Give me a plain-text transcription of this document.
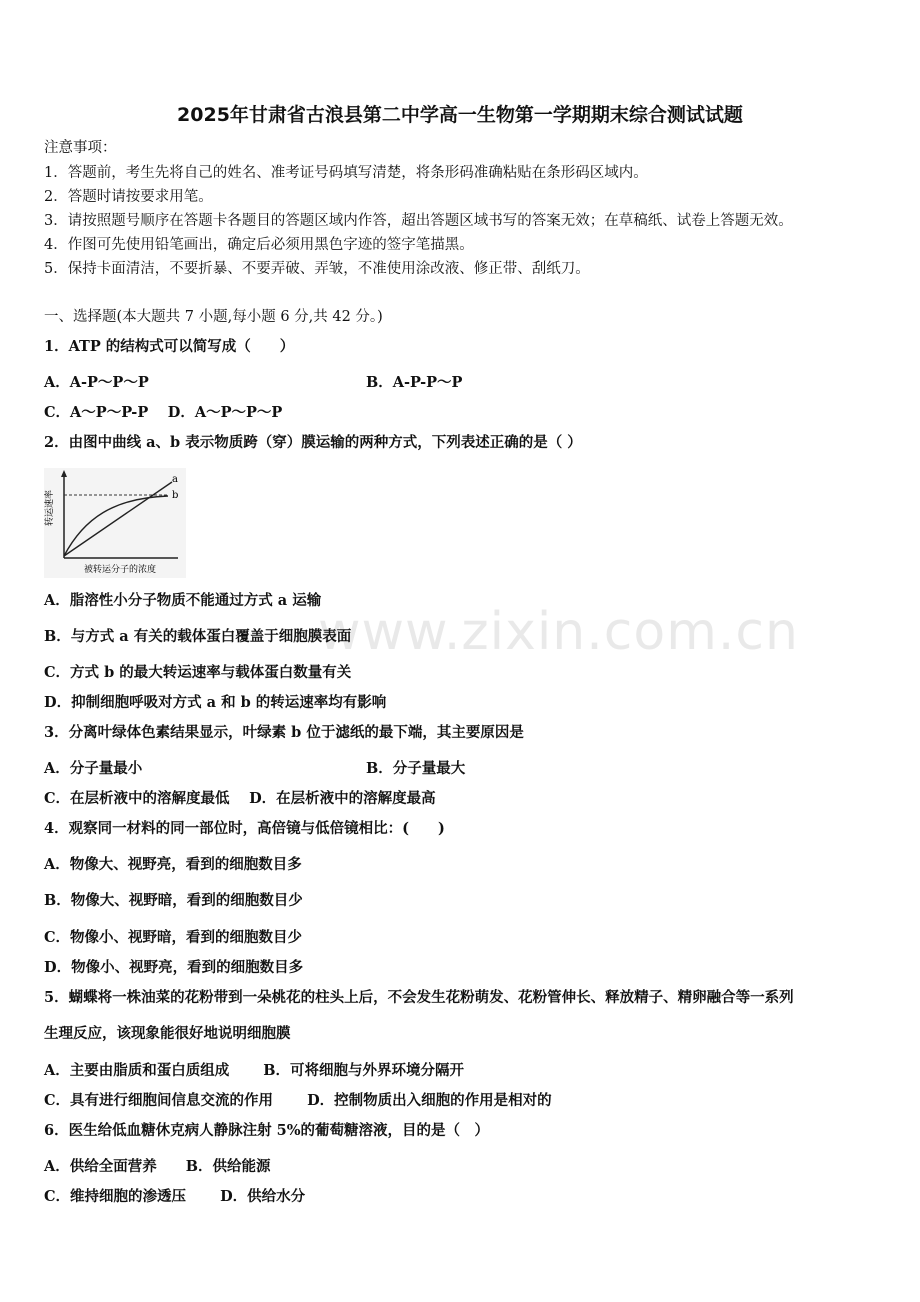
www.zixin.com.cn
2025年甘肃省古浪县第二中学高一生物第一学期期末综合测试试题
注意事项：
1．答题前，考生先将自己的姓名、准考证号码填写清楚，将条形码准确粘贴在条形码区域内。
2．答题时请按要求用笔。
3．请按照题号顺序在答题卡各题目的答题区域内作答，超出答题区域书写的答案无效；在草稿纸、试卷上答题无效。
4．作图可先使用铅笔画出，确定后必须用黑色字迹的签字笔描黑。
5．保持卡面清洁，不要折暴、不要弄破、弄皱，不准使用涂改液、修正带、刮纸刀。
一、选择题(本大题共 7 小题,每小题 6 分,共 42 分。)
1．ATP 的结构式可以简写成（　　）
A．A-P～P～P	B．A-P-P～P
C．A～P～P-P　 D．A～P～P～P
2．由图中曲线 a、b 表示物质跨（穿）膜运输的两种方式，下列表述正确的是（ ）
a
b
转运速率
被转运分子的浓度
A．脂溶性小分子物质不能通过方式 a 运输
B．与方式 a 有关的载体蛋白覆盖于细胞膜表面
C．方式 b 的最大转运速率与载体蛋白数量有关
D．抑制细胞呼吸对方式 a 和 b 的转运速率均有影响
3．分离叶绿体色素结果显示，叶绿素 b 位于滤纸的最下端，其主要原因是
A．分子量最小	B．分子量最大
C．在层析液中的溶解度最低　 D．在层析液中的溶解度最高
4．观察同一材料的同一部位时，高倍镜与低倍镜相比：(　　)
A．物像大、视野亮，看到的细胞数目多
B．物像大、视野暗，看到的细胞数目少
C．物像小、视野暗，看到的细胞数目少
D．物像小、视野亮，看到的细胞数目多
5．蝴蝶将一株油菜的花粉带到一朵桃花的柱头上后，不会发生花粉萌发、花粉管伸长、释放精子、精卵融合等一系列
生理反应，该现象能很好地说明细胞膜
A．主要由脂质和蛋白质组成　　 B．可将细胞与外界环境分隔开
C．具有进行细胞间信息交流的作用　　 D．控制物质出入细胞的作用是相对的
6．医生给低血糖休克病人静脉注射 5%的葡萄糖溶液，目的是（　）
A．供给全面营养　　B．供给能源
C．维持细胞的渗透压　　 D．供给水分
